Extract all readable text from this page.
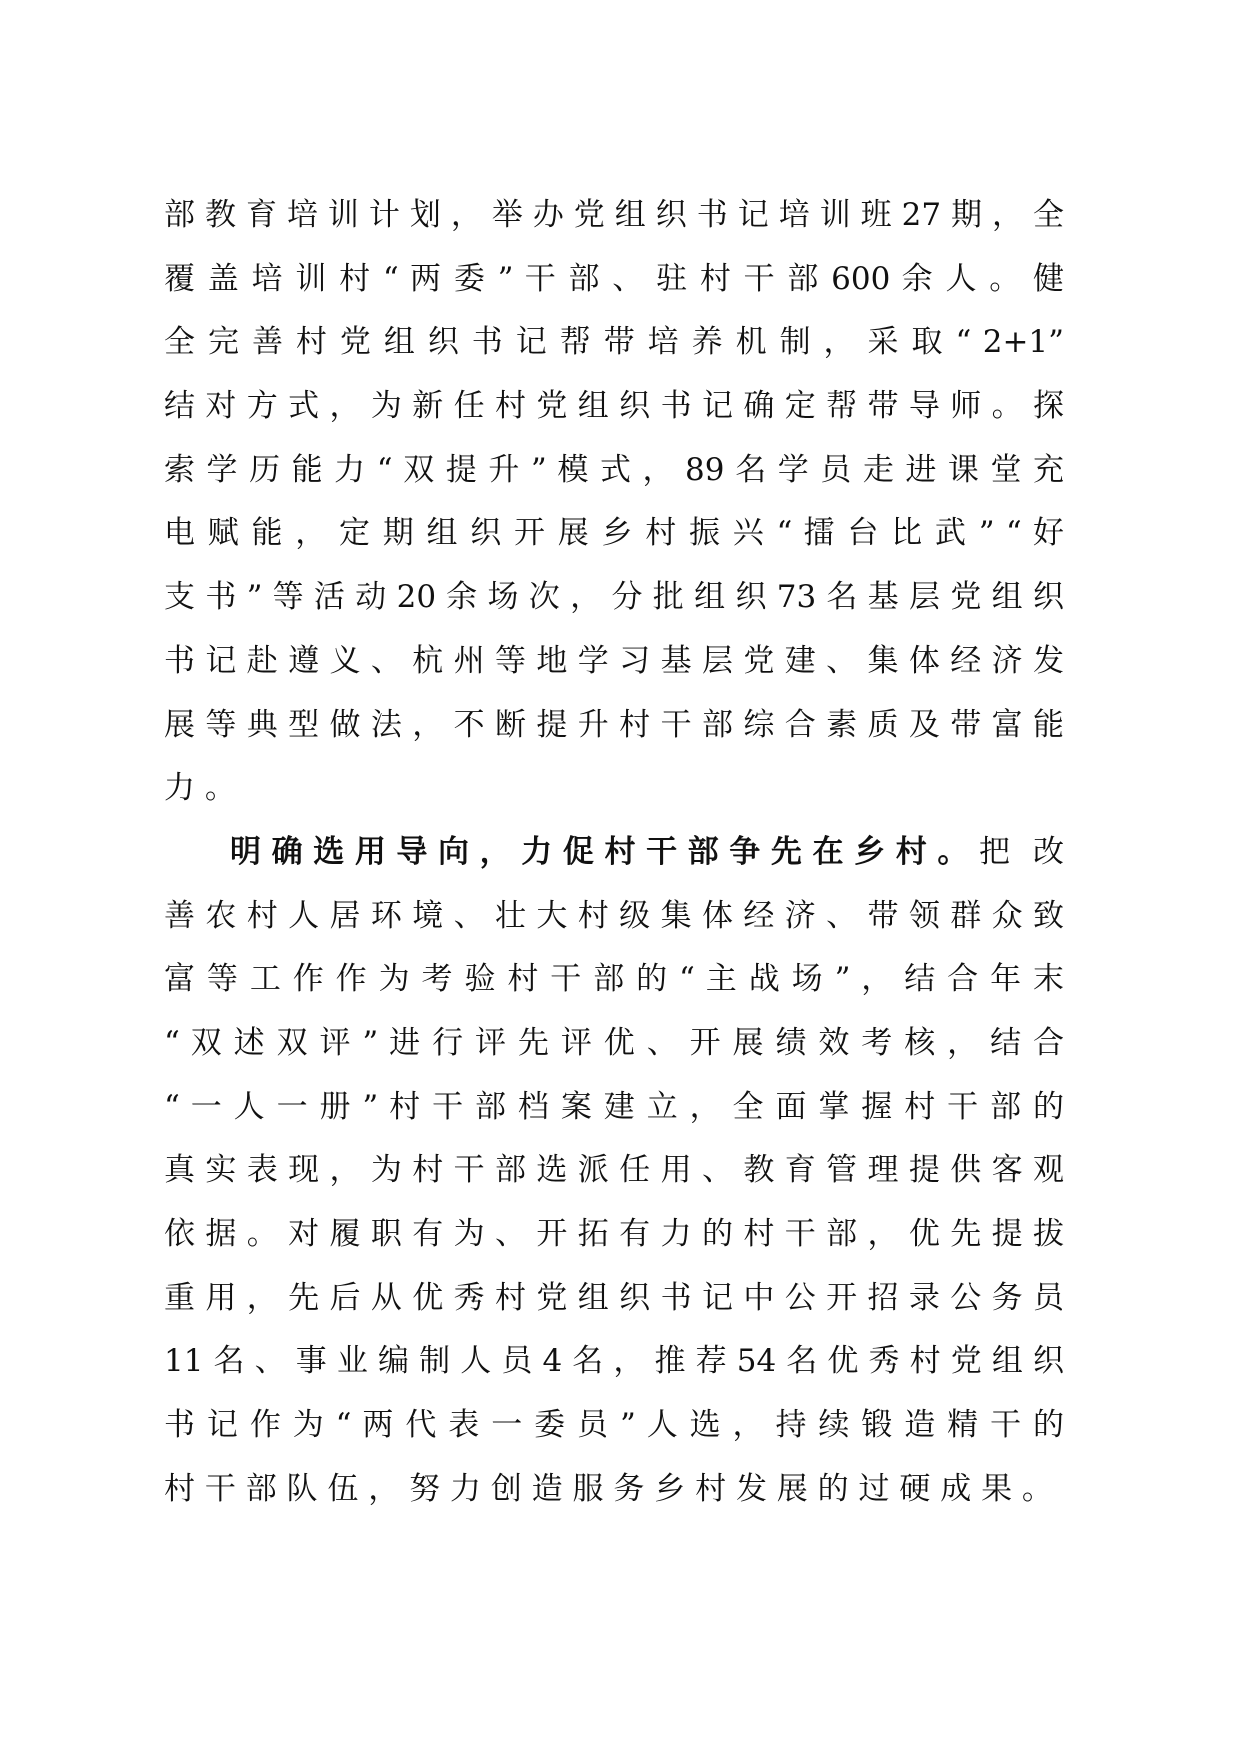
部 教 育 培 训 计 划 ， 举 办 党 组 织 书 记 培 训 班 27 期 ， 全
覆 盖 培 训 村 “ 两 委 ” 干 部 、 驻 村 干 部 600 余 人 。 健
全 完 善 村 党 组 织 书 记 帮 带 培 养 机 制 ， 采 取 “ 2+1”
结 对 方 式 ， 为 新 任 村 党 组 织 书 记 确 定 帮 带 导 师 。 探
索 学 历 能 力 “ 双 提 升 ” 模 式 ， 89 名 学 员 走 进 课 堂 充
电 赋 能 ， 定 期 组 织 开 展 乡 村 振 兴 “ 擂 台 比 武 ” “ 好
支 书 ” 等 活 动 20 余 场 次 ， 分 批 组 织 73 名 基 层 党 组 织
书 记 赴 遵 义 、 杭 州 等 地 学 习 基 层 党 建 、 集 体 经 济 发
展 等 典 型 做 法 ， 不 断 提 升 村 干 部 综 合 素 质 及 带 富 能
力 。
明确选用导向，力促村干部争先在乡村。把 改
善 农 村 人 居 环 境 、 壮 大 村 级 集 体 经 济 、 带 领 群 众 致
富 等 工 作 作 为 考 验 村 干 部 的 “ 主 战 场 ” ， 结 合 年 末
“ 双 述 双 评 ” 进 行 评 先 评 优 、 开 展 绩 效 考 核 ， 结 合
“ 一 人 一 册 ” 村 干 部 档 案 建 立 ， 全 面 掌 握 村 干 部 的
真 实 表 现 ， 为 村 干 部 选 派 任 用 、 教 育 管 理 提 供 客 观
依 据 。 对 履 职 有 为 、 开 拓 有 力 的 村 干 部 ， 优 先 提 拔
重 用 ， 先 后 从 优 秀 村 党 组 织 书 记 中 公 开 招 录 公 务 员
11 名 、 事 业 编 制 人 员 4 名 ， 推 荐 54 名 优 秀 村 党 组 织
书 记 作 为 “ 两 代 表 一 委 员 ” 人 选 ， 持 续 锻 造 精 干 的
村 干 部 队 伍 ， 努 力 创 造 服 务 乡 村 发 展 的 过 硬 成 果 。
